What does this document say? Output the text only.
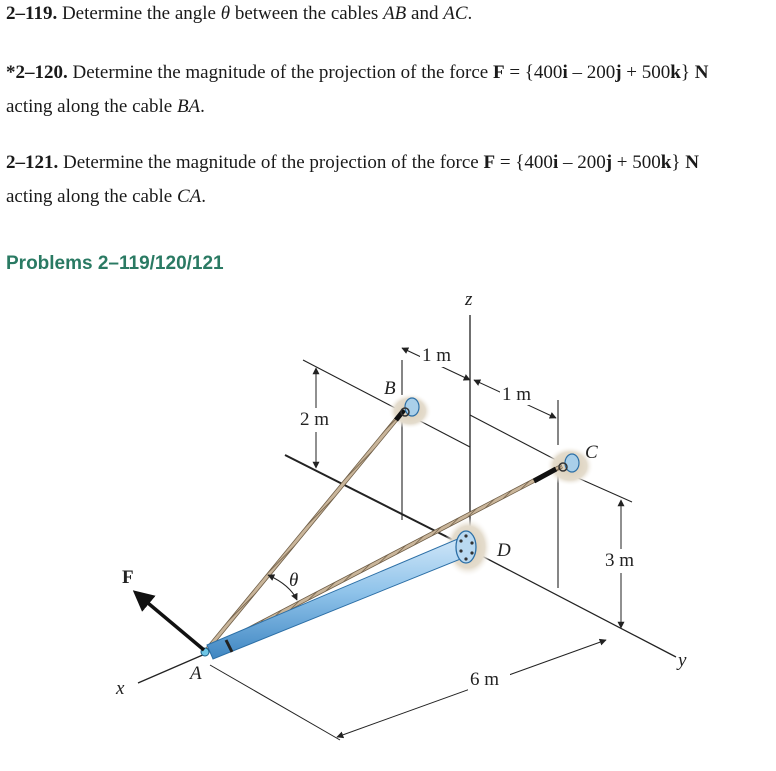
2–119. Determine the angle θ between the cables AB and AC.
*2–120. Determine the magnitude of the projection of the force F = {400i – 200j + 500k} N
acting along the cable BA.
2–121. Determine the magnitude of the projection of the force F = {400i – 200j + 500k} N
acting along the cable CA.
Problems 2–119/120/121
z
x
y
A
B
C
D
F	θ
1 m
1 m
2 m
3 m
6 m
